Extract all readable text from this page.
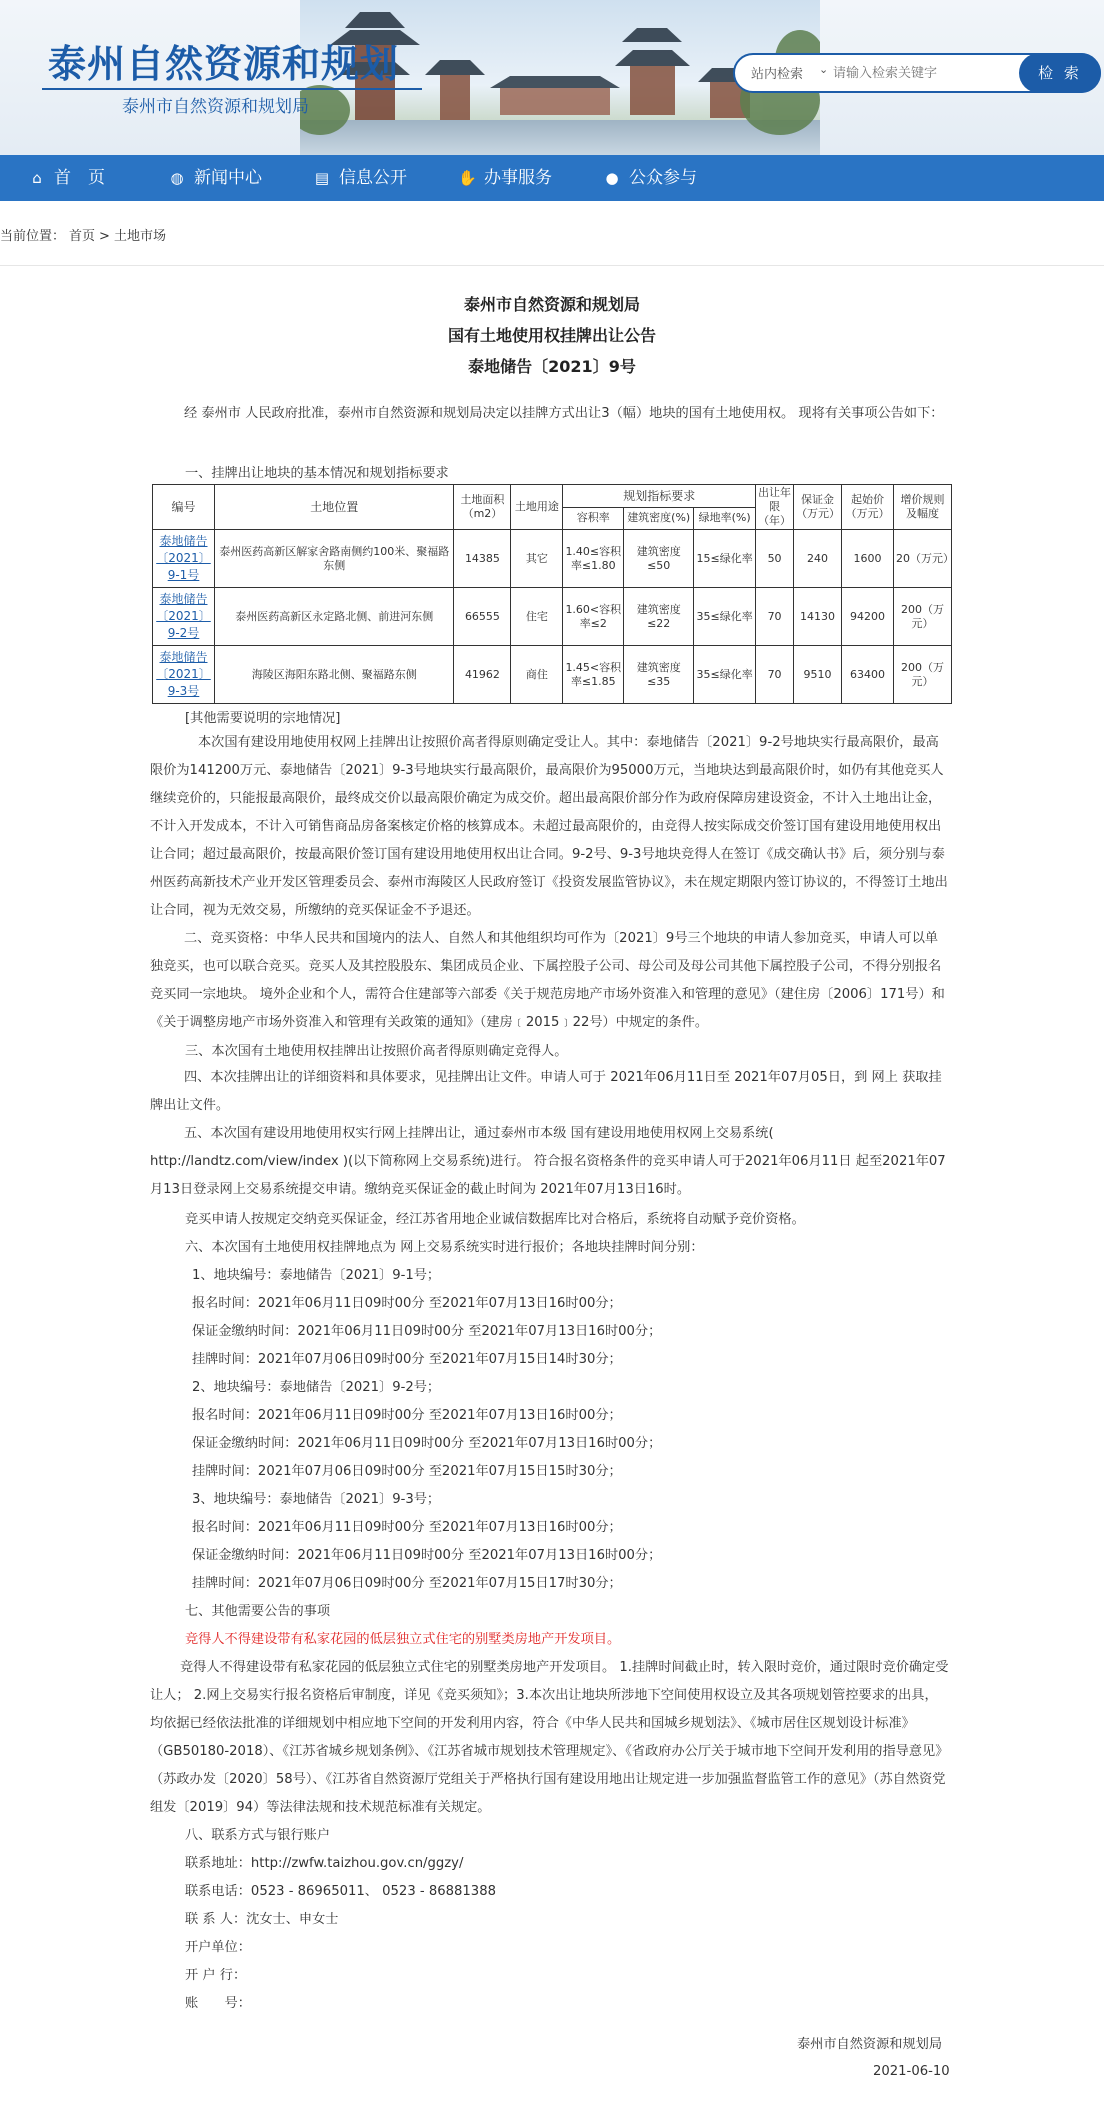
泰州自然资源和规划
泰州市自然资源和规划局
站内检索 ⌄
请输入检索关键字	检 索
⌂ 首　页	◍ 新闻中心	▤ 信息公开	✋ 办事服务	● 公众参与
当前位置： 首页 > 土地市场
泰州市自然资源和规划局
国有土地使用权挂牌出让公告
泰地储告〔2021〕9号
经 泰州市 人民政府批准，泰州市自然资源和规划局决定以挂牌方式出让3（幅）地块的国有土地使用权。 现将有关事项公告如下：
一、挂牌出让地块的基本情况和规划指标要求
编号	土地位置	土地面积（m2）	土地用途	规划指标要求			出让年限（年）	保证金（万元）	起始价（万元）	增价规则及幅度
				容积率	建筑密度(%)	绿地率(%)				
泰地储告〔2021〕9-1号	泰州医药高新区解家舍路南侧约100米、聚福路东侧	14385	其它	1.40≤容积率≤1.80	建筑密度≤50	15≤绿化率	50	240	1600	20（万元）
泰地储告〔2021〕9-2号	泰州医药高新区永定路北侧、前进河东侧	66555	住宅	1.60<容积率≤2	建筑密度≤22	35≤绿化率	70	14130	94200	200（万元）
泰地储告〔2021〕9-3号	海陵区海阳东路北侧、聚福路东侧	41962	商住	1.45<容积率≤1.85	建筑密度≤35	35≤绿化率	70	9510	63400	200（万元）
[其他需要说明的宗地情况]
本次国有建设用地使用权网上挂牌出让按照价高者得原则确定受让人。其中：泰地储告〔2021〕9-2号地块实行最高限价，最高限价为141200万元、泰地储告〔2021〕9-3号地块实行最高限价，最高限价为95000万元，当地块达到最高限价时，如仍有其他竞买人继续竞价的，只能报最高限价，最终成交价以最高限价确定为成交价。超出最高限价部分作为政府保障房建设资金，不计入土地出让金，不计入开发成本，不计入可销售商品房备案核定价格的核算成本。未超过最高限价的，由竞得人按实际成交价签订国有建设用地使用权出让合同；超过最高限价，按最高限价签订国有建设用地使用权出让合同。9-2号、9-3号地块竞得人在签订《成交确认书》后，须分别与泰州医药高新技术产业开发区管理委员会、泰州市海陵区人民政府签订《投资发展监管协议》，未在规定期限内签订协议的，不得签订土地出让合同，视为无效交易，所缴纳的竞买保证金不予退还。
二、竞买资格：中华人民共和国境内的法人、自然人和其他组织均可作为〔2021〕9号三个地块的申请人参加竞买，申请人可以单独竞买，也可以联合竞买。竞买人及其控股股东、集团成员企业、下属控股子公司、母公司及母公司其他下属控股子公司，不得分别报名竞买同一宗地块。 境外企业和个人，需符合住建部等六部委《关于规范房地产市场外资准入和管理的意见》（建住房〔2006〕171号）和《关于调整房地产市场外资准入和管理有关政策的通知》（建房﹝2015﹞22号）中规定的条件。
三、本次国有土地使用权挂牌出让按照价高者得原则确定竞得人。
四、本次挂牌出让的详细资料和具体要求，见挂牌出让文件。申请人可于 2021年06月11日至 2021年07月05日，到 网上 获取挂牌出让文件。
五、本次国有建设用地使用权实行网上挂牌出让，通过泰州市本级 国有建设用地使用权网上交易系统( http://landtz.com/view/index )(以下简称网上交易系统)进行。 符合报名资格条件的竞买申请人可于2021年06月11日 起至2021年07月13日登录网上交易系统提交申请。缴纳竞买保证金的截止时间为 2021年07月13日16时。
竞买申请人按规定交纳竞买保证金，经江苏省用地企业诚信数据库比对合格后，系统将自动赋予竞价资格。
六、本次国有土地使用权挂牌地点为 网上交易系统实时进行报价；各地块挂牌时间分别：
1、地块编号：泰地储告〔2021〕9-1号；
报名时间：2021年06月11日09时00分 至2021年07月13日16时00分；
保证金缴纳时间：2021年06月11日09时00分 至2021年07月13日16时00分；
挂牌时间：2021年07月06日09时00分 至2021年07月15日14时30分；
2、地块编号：泰地储告〔2021〕9-2号；
报名时间：2021年06月11日09时00分 至2021年07月13日16时00分；
保证金缴纳时间：2021年06月11日09时00分 至2021年07月13日16时00分；
挂牌时间：2021年07月06日09时00分 至2021年07月15日15时30分；
3、地块编号：泰地储告〔2021〕9-3号；
报名时间：2021年06月11日09时00分 至2021年07月13日16时00分；
保证金缴纳时间：2021年06月11日09时00分 至2021年07月13日16时00分；
挂牌时间：2021年07月06日09时00分 至2021年07月15日17时30分；
七、其他需要公告的事项
竞得人不得建设带有私家花园的低层独立式住宅的别墅类房地产开发项目。
竞得人不得建设带有私家花园的低层独立式住宅的别墅类房地产开发项目。 1.挂牌时间截止时，转入限时竞价，通过限时竞价确定受让人； 2.网上交易实行报名资格后审制度，详见《竞买须知》；3.本次出让地块所涉地下空间使用权设立及其各项规划管控要求的出具，均依据已经依法批准的详细规划中相应地下空间的开发利用内容，符合《中华人民共和国城乡规划法》、《城市居住区规划设计标准》（GB50180-2018）、《江苏省城乡规划条例》、《江苏省城市规划技术管理规定》、《省政府办公厅关于城市地下空间开发利用的指导意见》（苏政办发〔2020〕58号）、《江苏省自然资源厅党组关于严格执行国有建设用地出让规定进一步加强监督监管工作的意见》（苏自然资党组发〔2019〕94）等法律法规和技术规范标准有关规定。
八、联系方式与银行账户
联系地址：http://zwfw.taizhou.gov.cn/ggzy/
联系电话：0523 - 86965011、 0523 - 86881388
联 系 人：沈女士、申女士
开户单位：
开 户 行：
账　　号：
泰州市自然资源和规划局
2021-06-10
